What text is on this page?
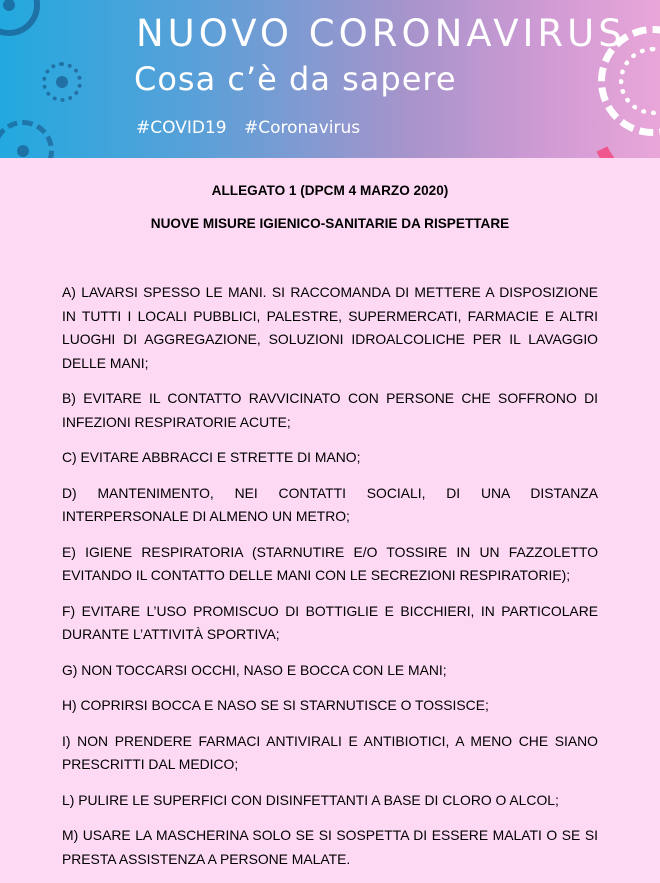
NUOVO CORONAVIRUS
Cosa c’è da sapere
#COVID19 #Coronavirus

ALLEGATO 1 (DPCM 4 MARZO 2020)

NUOVE MISURE IGIENICO-SANITARIE DA RISPETTARE

A) LAVARSI SPESSO LE MANI. SI RACCOMANDA DI METTERE A DISPOSIZIONE IN TUTTI I LOCALI PUBBLICI, PALESTRE, SUPERMERCATI, FARMACIE E ALTRI LUOGHI DI AGGREGAZIONE, SOLUZIONI IDROALCOLICHE PER IL LAVAGGIO DELLE MANI;
B) EVITARE IL CONTATTO RAVVICINATO CON PERSONE CHE SOFFRONO DI INFEZIONI RESPIRATORIE ACUTE;
C) EVITARE ABBRACCI E STRETTE DI MANO;
D) MANTENIMENTO, NEI CONTATTI SOCIALI, DI UNA DISTANZA INTERPERSONALE DI ALMENO UN METRO;
E) IGIENE RESPIRATORIA (STARNUTIRE E/O TOSSIRE IN UN FAZZOLETTO EVITANDO IL CONTATTO DELLE MANI CON LE SECREZIONI RESPIRATORIE);
F) EVITARE L’USO PROMISCUO DI BOTTIGLIE E BICCHIERI, IN PARTICOLARE DURANTE L’ATTIVITÀ SPORTIVA;
G) NON TOCCARSI OCCHI, NASO E BOCCA CON LE MANI;
H) COPRIRSI BOCCA E NASO SE SI STARNUTISCE O TOSSISCE;
I) NON PRENDERE FARMACI ANTIVIRALI E ANTIBIOTICI, A MENO CHE SIANO PRESCRITTI DAL MEDICO;
L) PULIRE LE SUPERFICI CON DISINFETTANTI A BASE DI CLORO O ALCOL;
M) USARE LA MASCHERINA SOLO SE SI SOSPETTA DI ESSERE MALATI O SE SI PRESTA ASSISTENZA A PERSONE MALATE.
